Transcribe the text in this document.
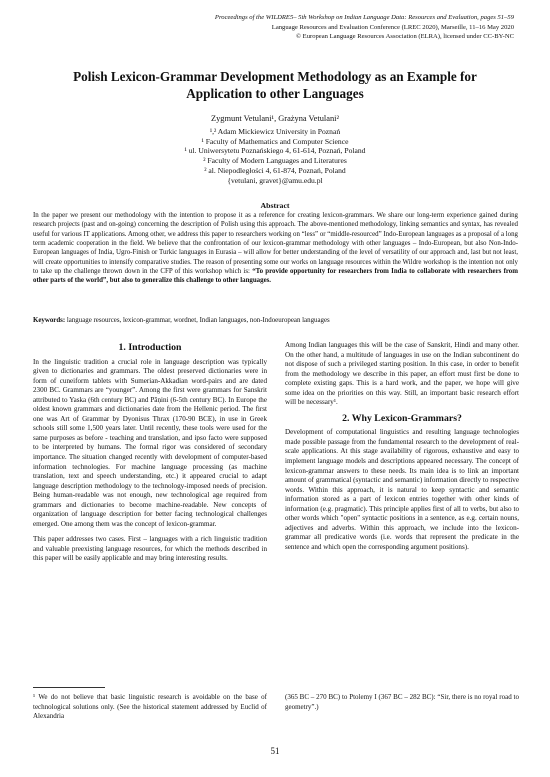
Proceedings of the WILDRE5– 5th Workshop on Indian Language Data: Resources and Evaluation, pages 51–59
Language Resources and Evaluation Conference (LREC 2020), Marseille, 11–16 May 2020
© European Language Resources Association (ELRA), licensed under CC-BY-NC
Polish Lexicon-Grammar Development Methodology as an Example for Application to other Languages
Zygmunt Vetulani¹, Grażyna Vetulani²
¹,² Adam Mickiewicz University in Poznań
¹ Faculty of Mathematics and Computer Science
¹ ul. Uniwersytetu Poznańskiego 4, 61-614, Poznań, Poland
² Faculty of Modern Languages and Literatures
² al. Niepodległości 4, 61-874, Poznań, Poland
{vetulani, gravet}@amu.edu.pl
Abstract

In the paper we present our methodology with the intention to propose it as a reference for creating lexicon-grammars. We share our long-term experience gained during research projects (past and on-going) concerning the description of Polish using this approach. The above-mentioned methodology, linking semantics and syntax, has revealed useful for various IT applications. Among other, we address this paper to researchers working on “less” or “middle-resourced” Indo-European languages as a proposal of a long term academic cooperation in the field. We believe that the confrontation of our lexicon-grammar methodology with other languages – Indo-European, but also Non-Indo-European languages of India, Ugro-Finish or Turkic languages in Eurasia – will allow for better understanding of the level of versatility of our approach and, last but not least, will create opportunities to intensify comparative studies. The reason of presenting some our works on language resources within the Wildre workshop is the intention not only to take up the challenge thrown down in the CFP of this workshop which is: “To provide opportunity for researchers from India to collaborate with researchers from other parts of the world”, but also to generalize this challenge to other languages.

Keywords: language resources, lexicon-grammar, wordnet, Indian languages, non-Indoeuropean languages

1. Introduction

In the linguistic tradition a crucial role in language description was typically given to dictionaries and grammars. The oldest preserved dictionaries were in form of cuneiform tablets with Sumerian-Akkadian word-pairs and are dated 2300 BC. Grammars are “younger”. Among the first were grammars for Sanskrit attributed to Yaska (6th century BC) and Pāṇini (6-5th century BC). In Europe the oldest known grammars and dictionaries date from the Hellenic period. The first one was Art of Grammar by Dyonisus Thrax (170-90 BCE), in use in Greek schools still some 1,500 years later. Until recently, these tools were used for the same purposes as before - teaching and translation, and ipso facto were supposed to be interpreted by humans. The formal rigor was considered of secondary importance. The situation changed recently with development of computer-based information technologies. For machine language processing (as machine translation, text and speech understanding, etc.) it appeared crucial to adapt language description methodology to the technology-imposed needs of precision. Being human-readable was not enough, new technological age required from grammars and dictionaries to become machine-readable. New concepts of organization of language description for better facing technological challenges emerged. One among them was the concept of lexicon-grammar.

This paper addresses two cases. First – languages with a rich linguistic tradition and valuable preexisting language resources, for which the methods described in this paper will be easily applicable and may bring interesting results.

Among Indian languages this will be the case of Sanskrit, Hindi and many other. On the other hand, a multitude of languages in use on the Indian subcontinent do not dispose of such a privileged starting position. In this case, in order to benefit from the methodology we describe in this paper, an effort must first be done to complete existing gaps. This is a hard work, and the paper, we hope will give some idea on the priorities on this way. Still, an important basic research effort will be necessary¹.

2. Why Lexicon-Grammars?

Development of computational linguistics and resulting language technologies made possible passage from the fundamental research to the development of real-scale applications. At this stage availability of rigorous, exhaustive and easy to implement language models and descriptions appeared necessary. The concept of lexicon-grammar answers to these needs. Its main idea is to link an important amount of grammatical (syntactic and semantic) information directly to respective words. Within this approach, it is natural to keep syntactic and semantic information stored as a part of lexicon entries together with other kinds of information (e.g. pragmatic). This principle applies first of all to verbs, but also to other words which "open" syntactic positions in a sentence, as e.g. certain nouns, adjectives and adverbs. Within this approach, we include into the lexicon-grammar all predicative words (i.e. words that represent the predicate in the sentence and which open the corresponding argument positions).

¹ We do not believe that basic linguistic research is avoidable on the base of technological solutions only. (See the historical statement addressed by Euclid of Alexandria

(365 BC – 270 BC) to Ptolemy I (367 BC – 282 BC): “Sir, there is no royal road to geometry”.)

51
